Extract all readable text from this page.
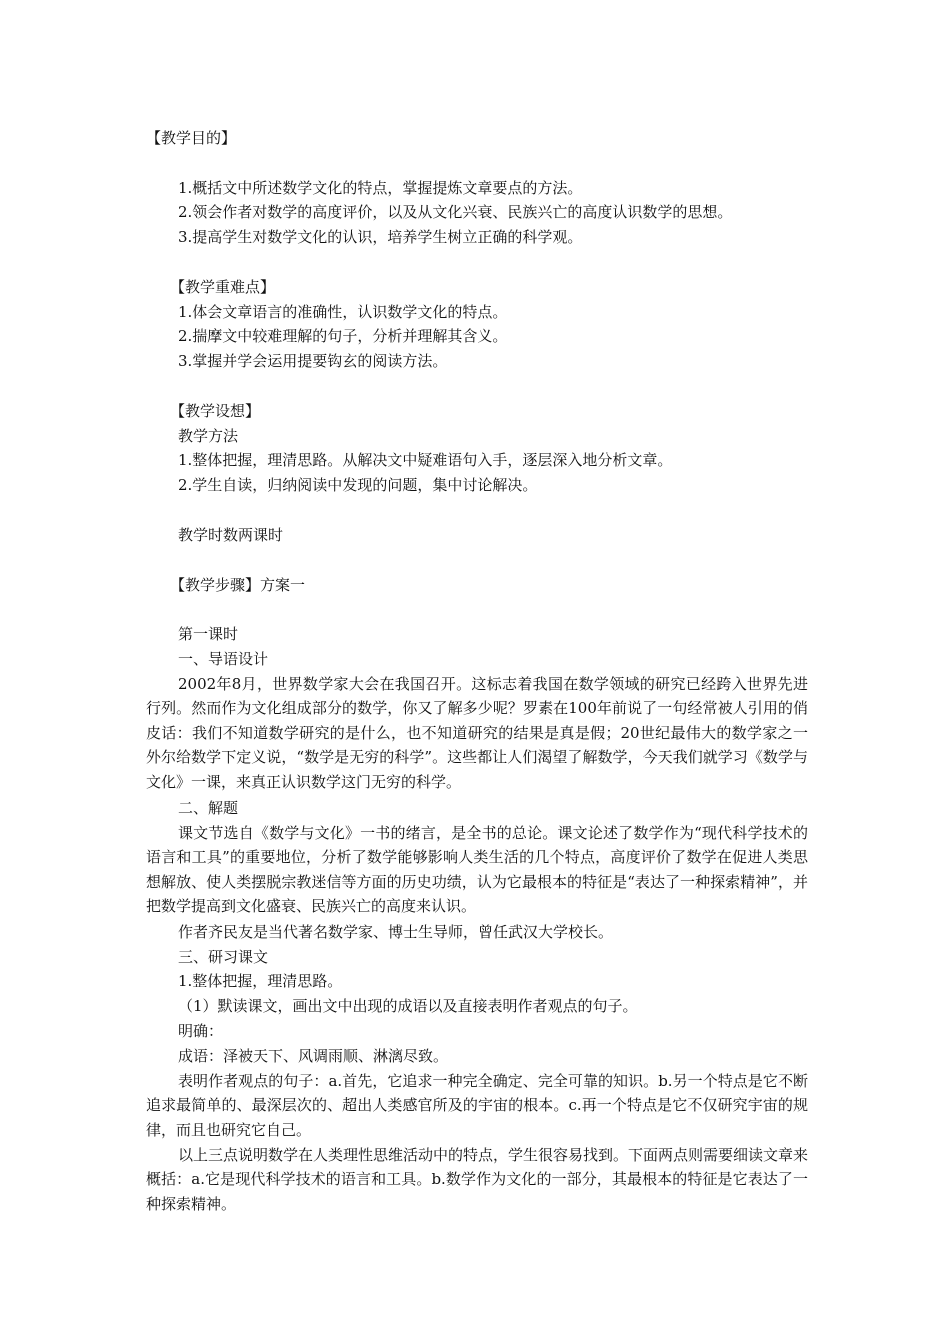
【教学目的】

1.概括文中所述数学文化的特点，掌握提炼文章要点的方法。

2.领会作者对数学的高度评价，以及从文化兴衰、民族兴亡的高度认识数学的思想。

3.提高学生对数学文化的认识，培养学生树立正确的科学观。

【教学重难点】

1.体会文章语言的准确性，认识数学文化的特点。

2.揣摩文中较难理解的句子，分析并理解其含义。

3.掌握并学会运用提要钩玄的阅读方法。

【教学设想】

教学方法

1.整体把握，理清思路。从解决文中疑难语句入手，逐层深入地分析文章。

2.学生自读，归纳阅读中发现的问题，集中讨论解决。

教学时数两课时

【教学步骤】方案一

第一课时

一、导语设计

2002年8月，世界数学家大会在我国召开。这标志着我国在数学领域的研究已经跨入世界先进行列。然而作为文化组成部分的数学，你又了解多少呢？罗素在100年前说了一句经常被人引用的俏皮话：我们不知道数学研究的是什么，也不知道研究的结果是真是假；20世纪最伟大的数学家之一外尔给数学下定义说，“数学是无穷的科学”。这些都让人们渴望了解数学，今天我们就学习《数学与文化》一课，来真正认识数学这门无穷的科学。

二、解题

课文节选自《数学与文化》一书的绪言，是全书的总论。课文论述了数学作为“现代科学技术的语言和工具”的重要地位，分析了数学能够影响人类生活的几个特点，高度评价了数学在促进人类思想解放、使人类摆脱宗教迷信等方面的历史功绩，认为它最根本的特征是“表达了一种探索精神”，并把数学提高到文化盛衰、民族兴亡的高度来认识。

作者齐民友是当代著名数学家、博士生导师，曾任武汉大学校长。

三、研习课文

1.整体把握，理清思路。

（1）默读课文，画出文中出现的成语以及直接表明作者观点的句子。

明确：

成语：泽被天下、风调雨顺、淋漓尽致。

表明作者观点的句子：a.首先，它追求一种完全确定、完全可靠的知识。b.另一个特点是它不断追求最简单的、最深层次的、超出人类感官所及的宇宙的根本。c.再一个特点是它不仅研究宇宙的规律，而且也研究它自己。

以上三点说明数学在人类理性思维活动中的特点，学生很容易找到。下面两点则需要细读文章来概括：a.它是现代科学技术的语言和工具。b.数学作为文化的一部分，其最根本的特征是它表达了一种探索精神。
